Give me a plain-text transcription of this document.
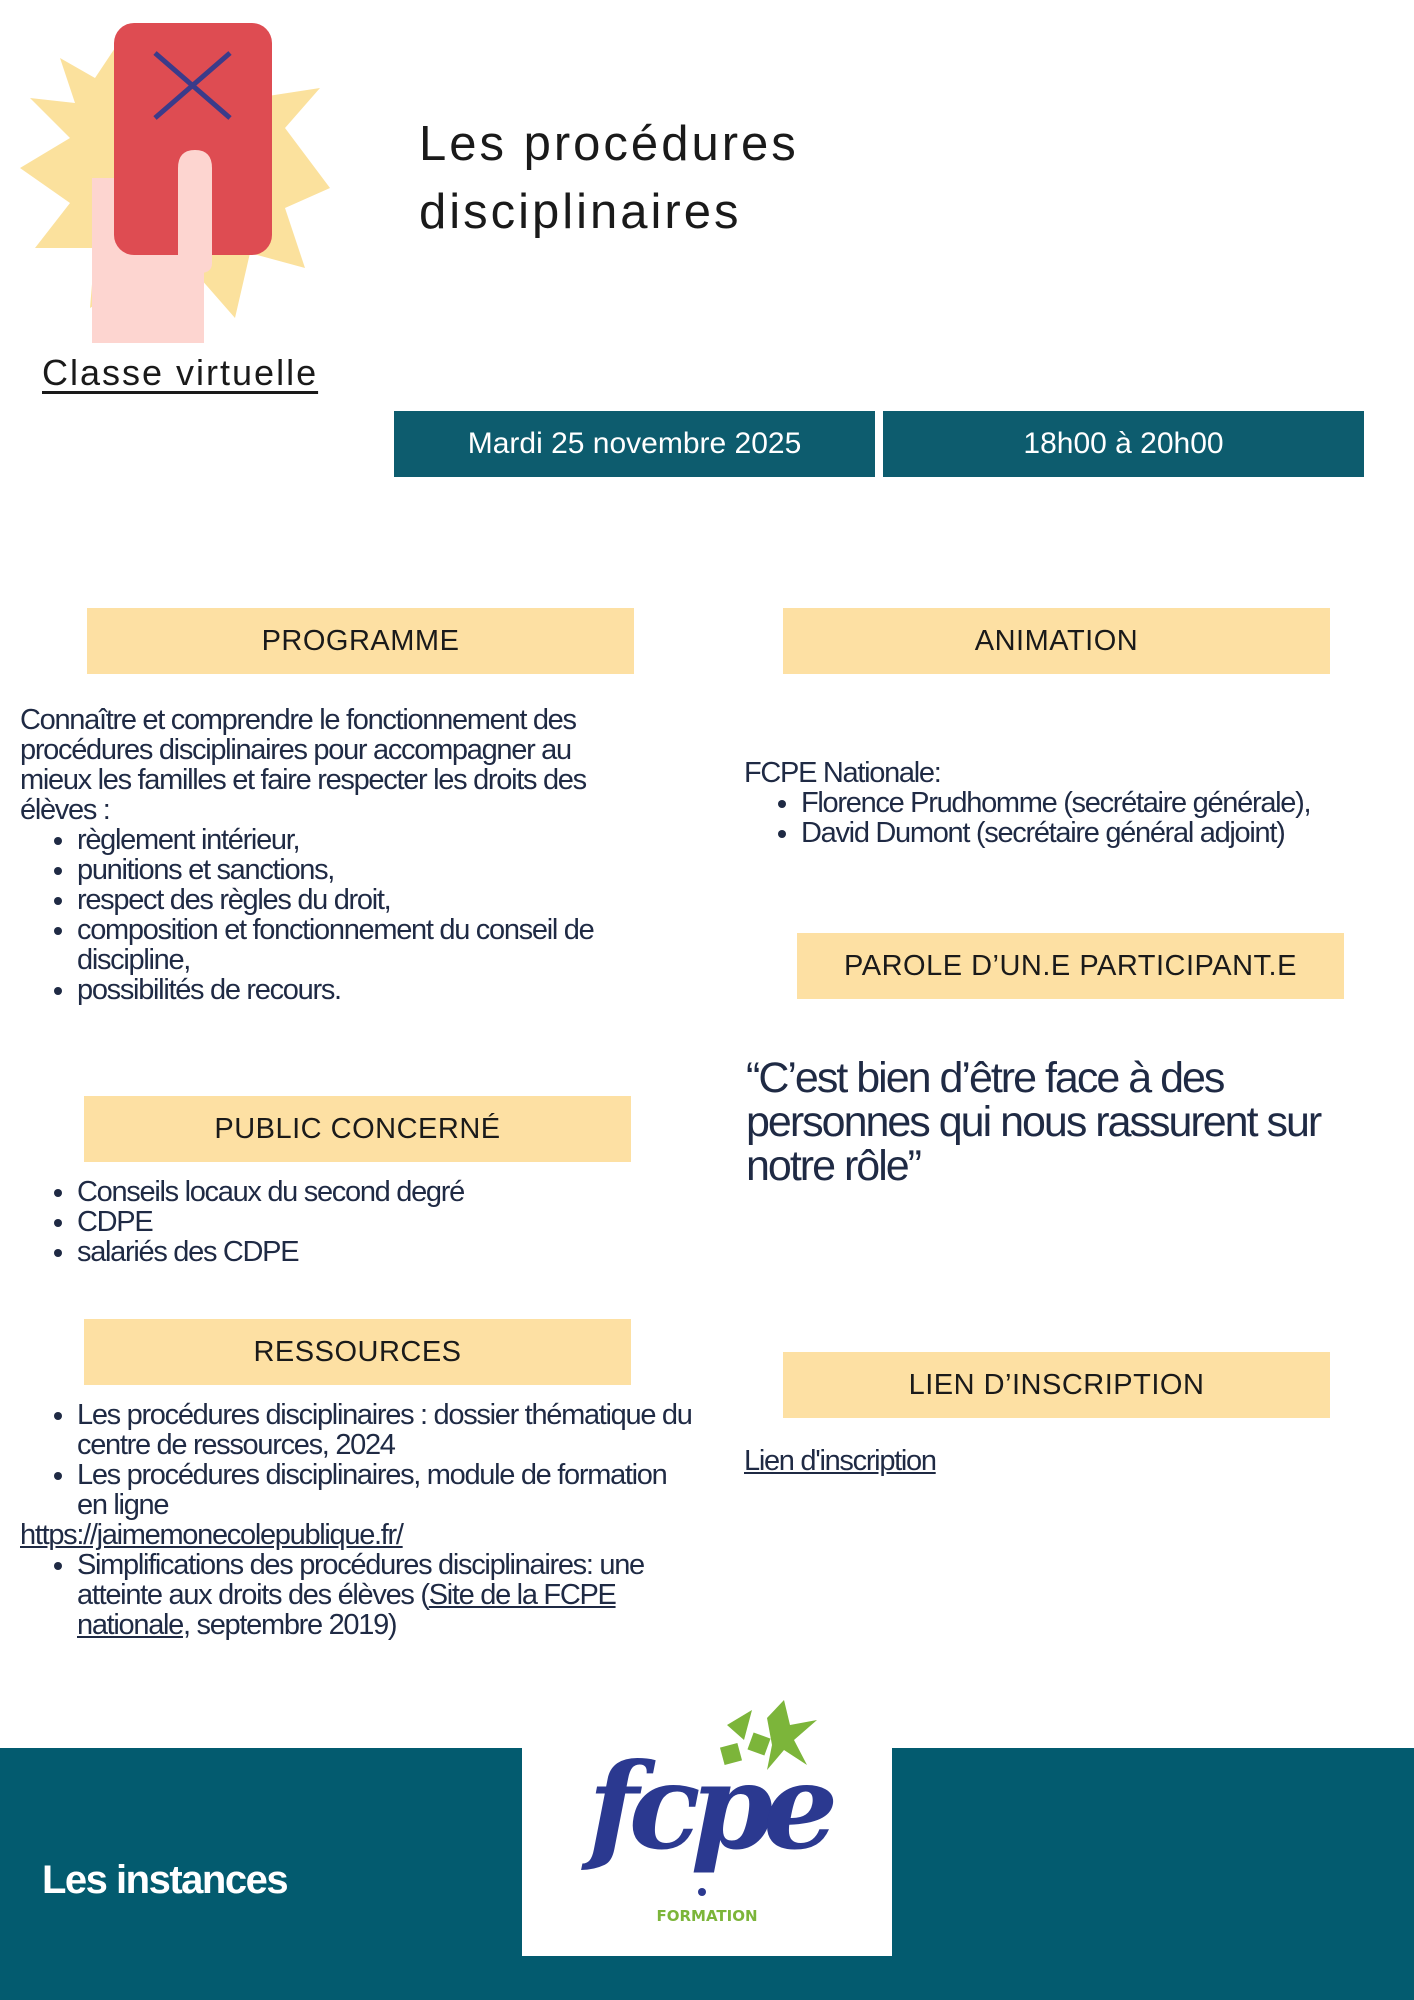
Les procédures
disciplinaires
Classe virtuelle
Mardi 25 novembre 2025	18h00 à 20h00
PROGRAMME
Connaître et comprendre le fonctionnement des procédures disciplinaires pour accompagner au mieux les familles et faire respecter les droits des élèves :
• règlement intérieur,
• punitions et sanctions,
• respect des règles du droit,
• composition et fonctionnement du conseil de discipline,
• possibilités de recours.
ANIMATION
FCPE Nationale:
• Florence Prudhomme (secrétaire générale),
• David Dumont (secrétaire général adjoint)
PAROLE D’UN.E PARTICIPANT.E
“C’est bien d’être face à des personnes qui nous rassurent sur notre rôle”
PUBLIC CONCERNÉ
• Conseils locaux du second degré
• CDPE
• salariés des CDPE
RESSOURCES
• Les procédures disciplinaires : dossier thématique du centre de ressources, 2024
• Les procédures disciplinaires, module de formation en ligne
https://jaimemonecolepublique.fr/
• Simplifications des procédures disciplinaires: une atteinte aux droits des élèves (Site de la FCPE nationale, septembre 2019)
LIEN D’INSCRIPTION
Lien d'inscription
Les instances
fcpe
FORMATION
